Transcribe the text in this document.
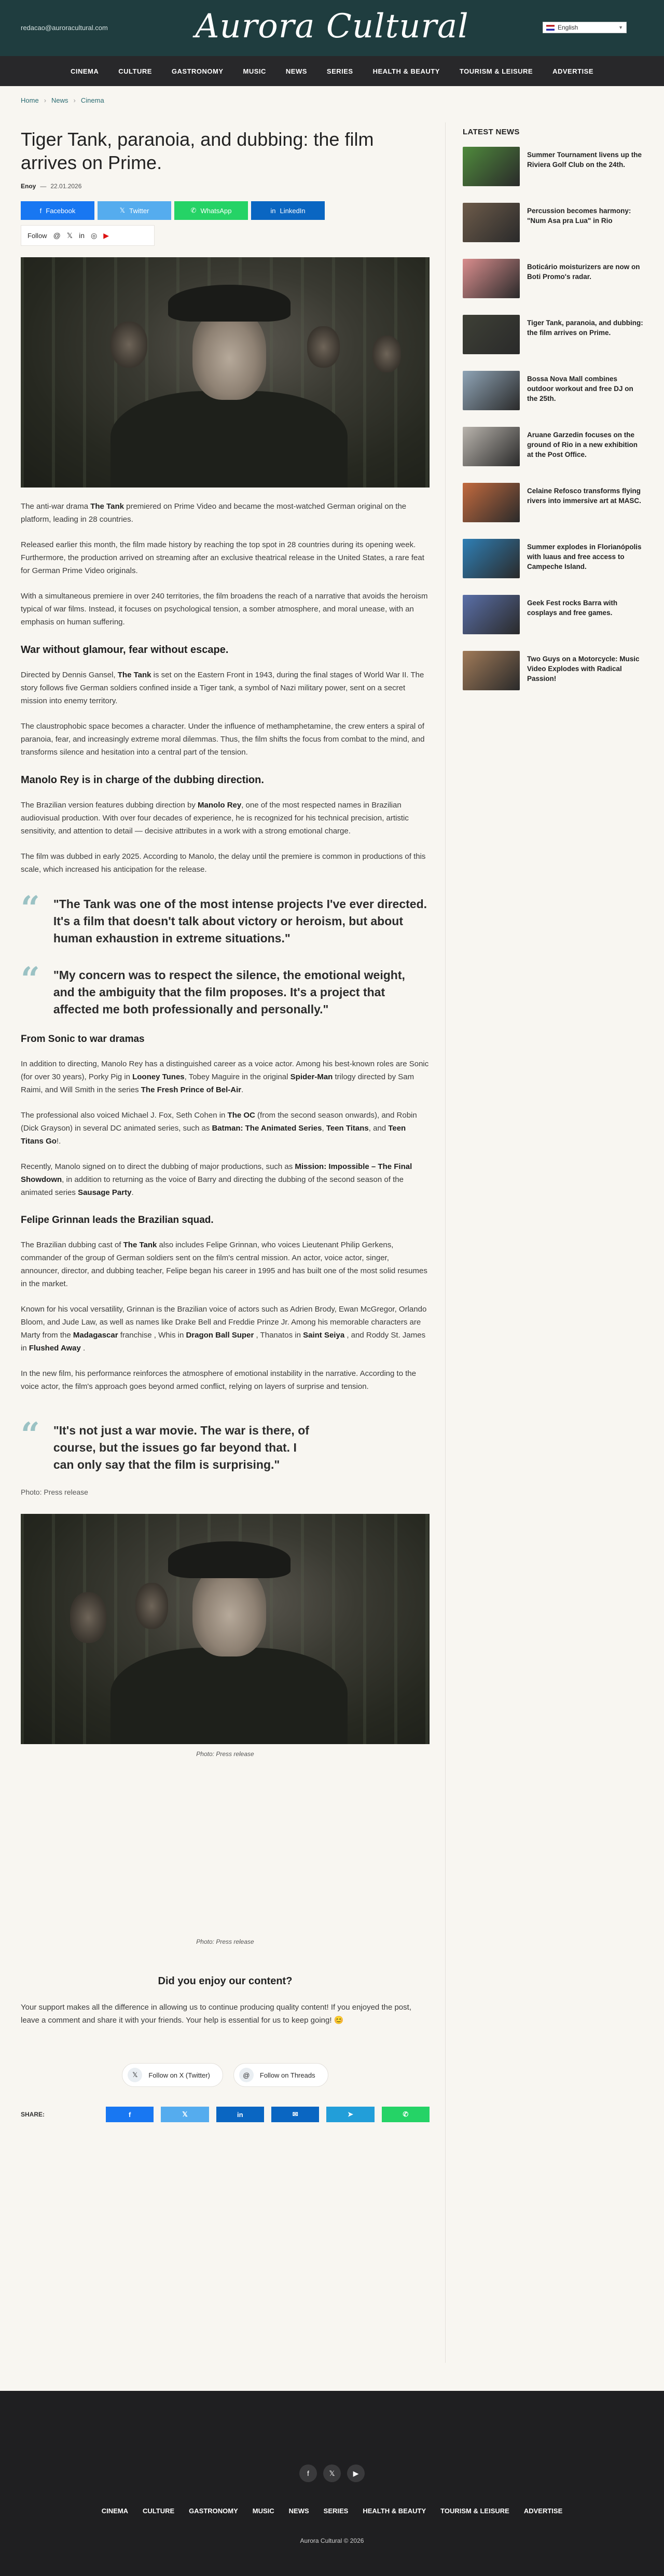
redacao@auroracultural.com	Aurora Cultural	English	▼
CINEMA	CULTURE	GASTRONOMY	MUSIC	NEWS	SERIES	HEALTH & BEAUTY	TOURISM & LEISURE	ADVERTISE
Home › News › Cinema
Tiger Tank, paranoia, and dubbing: the film arrives on Prime.
Enoy — 22.01.2026
f Facebook	𝕏 Twitter	✆ WhatsApp	in LinkedIn
Follow @ 𝕏 in ◎ ▶

The anti-war drama The Tank premiered on Prime Video and became the most-watched German original on the platform, leading in 28 countries.

Released earlier this month, the film made history by reaching the top spot in 28 countries during its opening week. Furthermore, the production arrived on streaming after an exclusive theatrical release in the United States, a rare feat for German Prime Video originals.

With a simultaneous premiere in over 240 territories, the film broadens the reach of a narrative that avoids the heroism typical of war films. Instead, it focuses on psychological tension, a somber atmosphere, and moral unease, with an emphasis on human suffering.

War without glamour, fear without escape.

Directed by Dennis Gansel, The Tank is set on the Eastern Front in 1943, during the final stages of World War II. The story follows five German soldiers confined inside a Tiger tank, a symbol of Nazi military power, sent on a secret mission into enemy territory.

The claustrophobic space becomes a character. Under the influence of methamphetamine, the crew enters a spiral of paranoia, fear, and increasingly extreme moral dilemmas. Thus, the film shifts the focus from combat to the mind, and transforms silence and hesitation into a central part of the tension.

Manolo Rey is in charge of the dubbing direction.

The Brazilian version features dubbing direction by Manolo Rey, one of the most respected names in Brazilian audiovisual production. With over four decades of experience, he is recognized for his technical precision, artistic sensitivity, and attention to detail — decisive attributes in a work with a strong emotional charge.

The film was dubbed in early 2025. According to Manolo, the delay until the premiere is common in productions of this scale, which increased his anticipation for the release.

“ "The Tank was one of the most intense projects I've ever directed. It's a film that doesn't talk about victory or heroism, but about human exhaustion in extreme situations."
“ "My concern was to respect the silence, the emotional weight, and the ambiguity that the film proposes. It's a project that affected me both professionally and personally."
From Sonic to war dramas

In addition to directing, Manolo Rey has a distinguished career as a voice actor. Among his best-known roles are Sonic (for over 30 years), Porky Pig in Looney Tunes, Tobey Maguire in the original Spider-Man trilogy directed by Sam Raimi, and Will Smith in the series The Fresh Prince of Bel-Air.

The professional also voiced Michael J. Fox, Seth Cohen in The OC (from the second season onwards), and Robin (Dick Grayson) in several DC animated series, such as Batman: The Animated Series, Teen Titans, and Teen Titans Go!.

Recently, Manolo signed on to direct the dubbing of major productions, such as Mission: Impossible – The Final Showdown, in addition to returning as the voice of Barry and directing the dubbing of the second season of the animated series Sausage Party.

Felipe Grinnan leads the Brazilian squad.

The Brazilian dubbing cast of The Tank also includes Felipe Grinnan, who voices Lieutenant Philip Gerkens, commander of the group of German soldiers sent on the film's central mission. An actor, voice actor, singer, announcer, director, and dubbing teacher, Felipe began his career in 1995 and has built one of the most solid resumes in the market.

Known for his vocal versatility, Grinnan is the Brazilian voice of actors such as Adrien Brody, Ewan McGregor, Orlando Bloom, and Jude Law, as well as names like Drake Bell and Freddie Prinze Jr. Among his memorable characters are Marty from the Madagascar franchise , Whis in Dragon Ball Super , Thanatos in Saint Seiya , and Roddy St. James in Flushed Away .

In the new film, his performance reinforces the atmosphere of emotional instability in the narrative. According to the voice actor, the film's approach goes beyond armed conflict, relying on layers of surprise and tension.

“ "It's not just a war movie. The war is there, of course, but the issues go far beyond that. I can only say that the film is surprising."

Photo: Press release

Photo: Press release

Photo: Press release

Did you enjoy our content?

Your support makes all the difference in allowing us to continue producing quality content! If you enjoyed the post, leave a comment and share it with your friends. Your help is essential for us to keep going! 😊

𝕏	Follow on X (Twitter)	@	Follow on Threads
SHARE:	f	𝕏	in	✉	➤	✆
LATEST NEWS
Summer Tournament livens up the Riviera Golf Club on the 24th.
Percussion becomes harmony: "Num Asa pra Lua" in Rio
Boticário moisturizers are now on Boti Promo's radar.
Tiger Tank, paranoia, and dubbing: the film arrives on Prime.
Bossa Nova Mall combines outdoor workout and free DJ on the 25th.
Aruane Garzedin focuses on the ground of Rio in a new exhibition at the Post Office.
Celaine Refosco transforms flying rivers into immersive art at MASC.
Summer explodes in Florianópolis with luaus and free access to Campeche Island.
Geek Fest rocks Barra with cosplays and free games.
Two Guys on a Motorcycle: Music Video Explodes with Radical Passion!
f	𝕏	▶
CINEMA CULTURE GASTRONOMY MUSIC NEWS SERIES HEALTH & BEAUTY TOURISM & LEISURE ADVERTISE
Aurora Cultural © 2026
